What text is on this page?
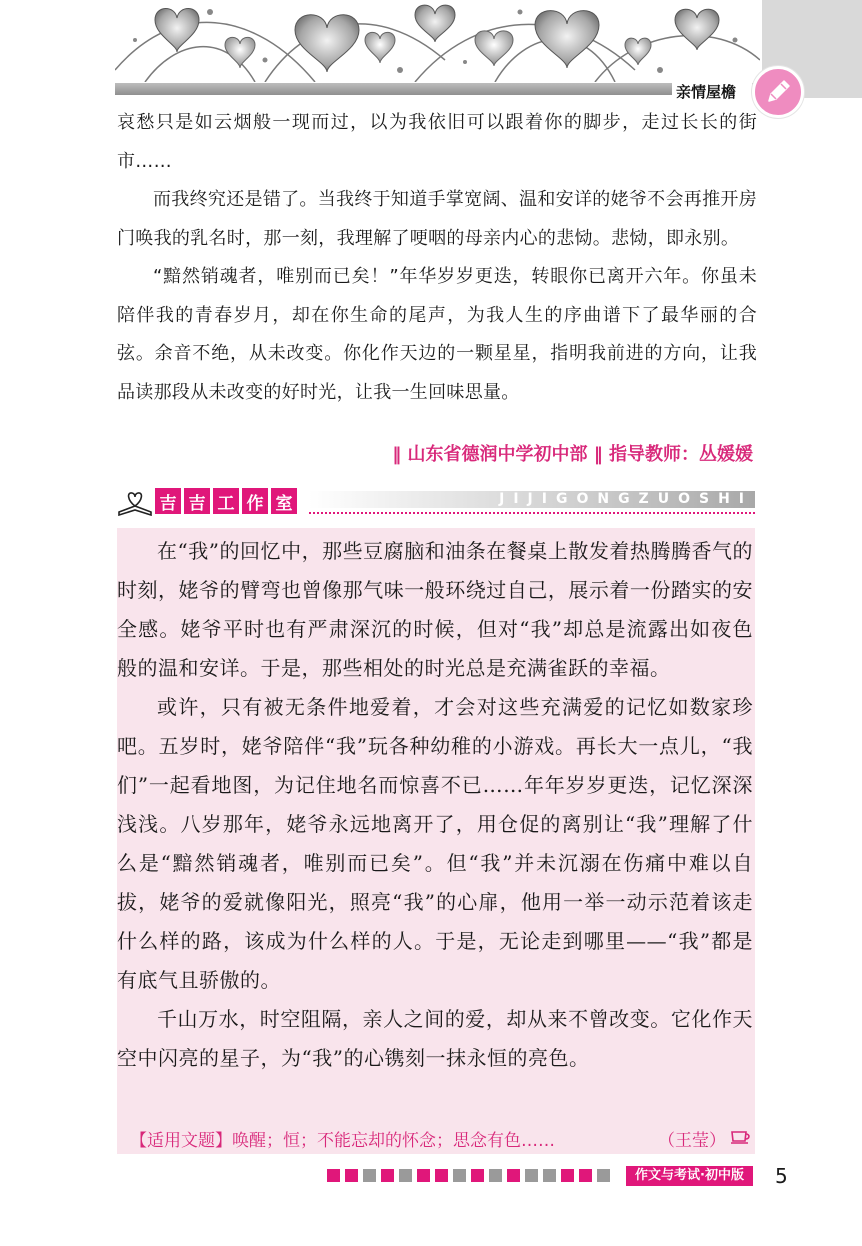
亲情屋檐

哀愁只是如云烟般一现而过，以为我依旧可以跟着你的脚步，走过长长的街市……

而我终究还是错了。当我终于知道手掌宽阔、温和安详的姥爷不会再推开房门唤我的乳名时，那一刻，我理解了哽咽的母亲内心的悲恸。悲恸，即永别。

“黯然销魂者，唯别而已矣！”年华岁岁更迭，转眼你已离开六年。你虽未陪伴我的青春岁月，却在你生命的尾声，为我人生的序曲谱下了最华丽的合弦。余音不绝，从未改变。你化作天边的一颗星星，指明我前进的方向，让我品读那段从未改变的好时光，让我一生回味思量。

‖ 山东省德润中学初中部 ‖ 指导教师：丛媛媛
吉 吉 工 作 室	JIJIGONGZUOSHI

在“我”的回忆中，那些豆腐脑和油条在餐桌上散发着热腾腾香气的时刻，姥爷的臂弯也曾像那气味一般环绕过自己，展示着一份踏实的安全感。姥爷平时也有严肃深沉的时候，但对“我”却总是流露出如夜色般的温和安详。于是，那些相处的时光总是充满雀跃的幸福。

或许，只有被无条件地爱着，才会对这些充满爱的记忆如数家珍吧。五岁时，姥爷陪伴“我”玩各种幼稚的小游戏。再长大一点儿，“我们”一起看地图，为记住地名而惊喜不已……年年岁岁更迭，记忆深深浅浅。八岁那年，姥爷永远地离开了，用仓促的离别让“我”理解了什么是“黯然销魂者，唯别而已矣”。但“我”并未沉溺在伤痛中难以自拔，姥爷的爱就像阳光，照亮“我”的心扉，他用一举一动示范着该走什么样的路，该成为什么样的人。于是，无论走到哪里——“我”都是有底气且骄傲的。

千山万水，时空阻隔，亲人之间的爱，却从来不曾改变。它化作天空中闪亮的星子，为“我”的心镌刻一抹永恒的亮色。

【适用文题】唤醒；恒；不能忘却的怀念；思念有色……	（王莹）
作文与考试·初中版	5
